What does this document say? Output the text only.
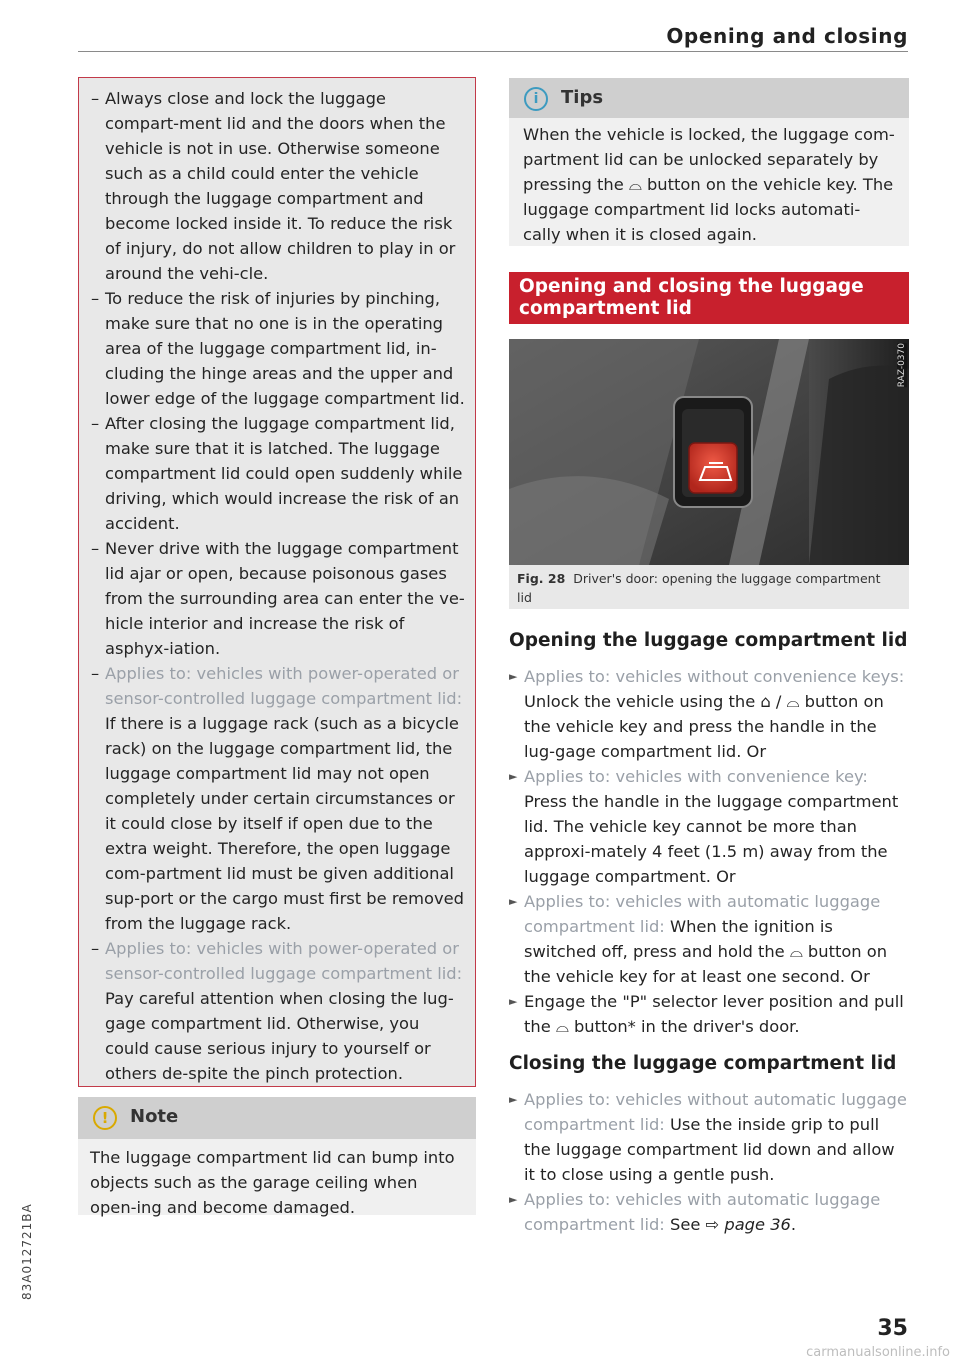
Opening and closing

– Always close and lock the luggage compart-ment lid and the doors when the vehicle is not in use. Otherwise someone such as a child could enter the vehicle through the luggage compartment and become locked inside it. To reduce the risk of injury, do not allow children to play in or around the vehi-cle.

– To reduce the risk of injuries by pinching, make sure that no one is in the operating area of the luggage compartment lid, in-cluding the hinge areas and the upper and lower edge of the luggage compartment lid.

– After closing the luggage compartment lid, make sure that it is latched. The luggage compartment lid could open suddenly while driving, which would increase the risk of an accident.

– Never drive with the luggage compartment lid ajar or open, because poisonous gases from the surrounding area can enter the ve-hicle interior and increase the risk of asphyx-iation.

– Applies to: vehicles with power-operated or sensor-controlled luggage compartment lid: If there is a luggage rack (such as a bicycle rack) on the luggage compartment lid, the luggage compartment lid may not open completely under certain circumstances or it could close by itself if open due to the extra weight. Therefore, the open luggage com-partment lid must be given additional sup-port or the cargo must first be removed from the luggage rack.

– Applies to: vehicles with power-operated or sensor-controlled luggage compartment lid: Pay careful attention when closing the lug-gage compartment lid. Otherwise, you could cause serious injury to yourself or others de-spite the pinch protection.

!	Note
The luggage compartment lid can bump into objects such as the garage ceiling when open-ing and become damaged.
i	Tips
When the vehicle is locked, the luggage com-partment lid can be unlocked separately by pressing the ⌓ button on the vehicle key. The luggage compartment lid locks automati-cally when it is closed again.
Opening and closing the luggage compartment lid
RAZ-0370
Fig. 28 Driver's door: opening the luggage compartment lid
Opening the luggage compartment lid
► Applies to: vehicles without convenience keys: Unlock the vehicle using the ⌂ / ⌓ button on the vehicle key and press the handle in the lug-gage compartment lid. Or
► Applies to: vehicles with convenience key: Press the handle in the luggage compartment lid. The vehicle key cannot be more than approxi-mately 4 feet (1.5 m) away from the luggage compartment. Or
► Applies to: vehicles with automatic luggage compartment lid: When the ignition is switched off, press and hold the ⌓ button on the vehicle key for at least one second. Or
► Engage the "P" selector lever position and pull the ⌓ button* in the driver's door.
Closing the luggage compartment lid
► Applies to: vehicles without automatic luggage compartment lid: Use the inside grip to pull the luggage compartment lid down and allow it to close using a gentle push.
► Applies to: vehicles with automatic luggage compartment lid: See ⇨ page 36.
83A012721BA
35
carmanualsonline.info
